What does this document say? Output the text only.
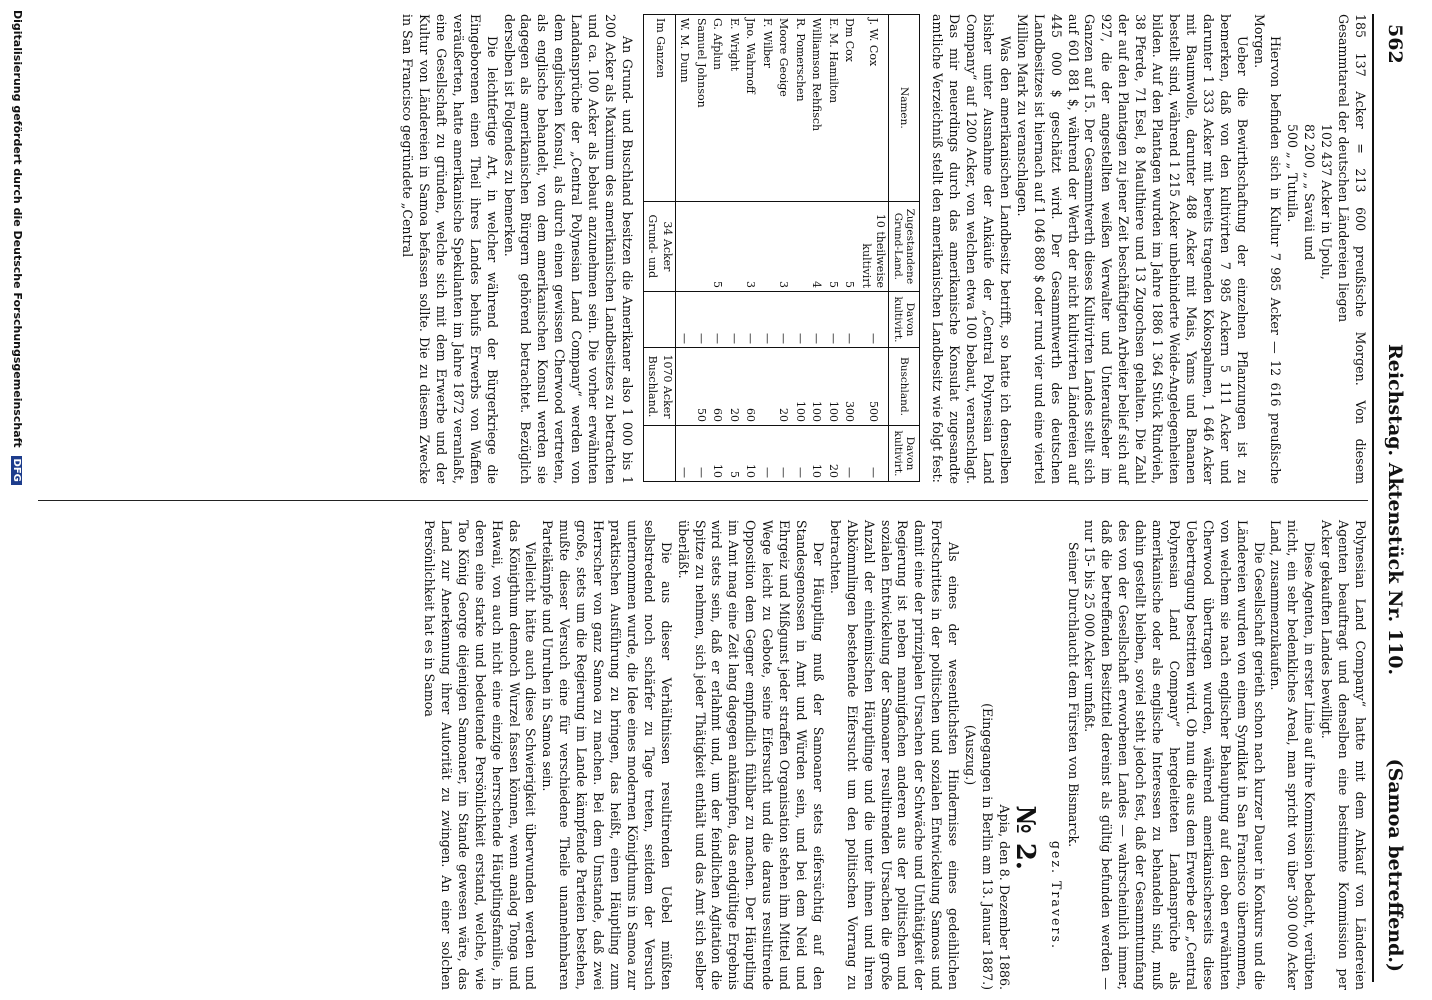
562
Reichstag. Aktenstück Nr. 110.
(Samoa betreffend.)

185 137 Acker = 213 600 preußische Morgen. Von diesem Gesammtareal der deutschen Ländereien liegen

102 437 Acker in Upolu,
82 200 „ „ Savaii und
500 „ „ Tutuila.

Hiervon befinden sich in Kultur 7 985 Acker — 12 616 preußische Morgen.

Ueber die Bewirthschaftung der einzelnen Pflanzungen ist zu bemerken, daß von den kultivirten 7 985 Ackern 5 111 Acker und darunter 1 333 Acker mit bereits tragenden Kokospalmen, 1 646 Acker mit Baumwolle, darunter 488 Acker mit Mais, Yams und Bananen bestellt sind, während 1 215 Acker unbehinderte Weide-Angelegenheiten bilden. Auf den Plantagen wurden im Jahre 1886 1 364 Stück Rindvieh, 38 Pferde, 71 Esel, 8 Maulthiere und 13 Zugochsen gehalten. Die Zahl der auf den Plantagen zu jener Zeit beschäftigten Arbeiter belief sich auf 927, die der angestellten weißen Verwalter und Unteraufseher im Ganzen auf 15. Der Gesammtwerth dieses Kultivirten Landes stellt sich auf 601 881 $, während der Werth der nicht kultivirten Ländereien auf 445 000 $ geschätzt wird. Der Gesammtwerth des deutschen Landbesitzes ist hiernach auf 1 046 880 $ oder rund vier und eine viertel Million Mark zu veranschlagen.

Was den amerikanischen Landbesitz betrifft, so hatte ich denselben bisher unter Ausnahme der Ankäufe der „Central Polynesian Land Company“ auf 1200 Acker, von welchen etwa 100 bebaut, veranschlagt. Das mir neuerdings durch das amerikanische Konsulat zugesandte amtliche Verzeichniß stellt den amerikanischen Landbesitz wie folgt fest:

Namen.	Zugestandene Grund-Land.	Davon kultivirt.	Buschland.	Davon kultivirt.
J. W. Cox	10 theilweise kultivirt	—	500	—
Dm Cox	5	—	300	—
E. M. Hamilton	5	—	100	20
Williamson Rehfisch	4	—	100	10
R. Pomerschen		—	100	—
Moore Geoige	3	—	20	—
F. Wilber		—		—
Jno. Wahrnoff	3	—	60	10
E. Wright		—	20	5
G. Afplun	5	—	60	10
Samuel Johnson		—	50	—
W. M. Dunn		—		—
Im Ganzen	34 Acker Grund- und		1070 Acker Buschland.	

An Grund- und Buschland besitzen die Amerikaner also 1 000 bis 1 200 Acker als Maximum des amerikanischen Landbesitzes zu betrachten und ca. 100 Acker als bebaut anzunehmen sein. Die vorher erwähnten Landansprüche der „Central Polynesian Land Company“ werden von dem englischen Konsul, als durch einen gewissen Cherwood vertreten, als englische behandelt, von dem amerikanischen Konsul werden sie dagegen als amerikanischen Bürgern gehörend betrachtet. Bezüglich derselben ist Folgendes zu bemerken.

Die leichtfertige Art, in welcher während der Bürgerkriege die Eingeborenen einen Theil ihres Landes behufs Erwerbs von Waffen veräußerten, hatte amerikanische Spekulanten im Jahre 1872 veranlaßt, eine Gesellschaft zu gründen, welche sich mit dem Erwerbe und der Kultur von Ländereien in Samoa befassen sollte. Die zu diesem Zwecke in San Francisco gegründete „Central

Polynesian Land Company“ hatte mit dem Ankauf von Ländereien Agenten beauftragt und denselben eine bestimmte Kommission per Acker gekauften Landes bewilligt.

Diese Agenten, in erster Linie auf ihre Kommission bedacht, verübten nicht, ein sehr bedenkliches Areal, man spricht von über 300 000 Acker Land, zusammenzukaufen.

Die Gesellschaft gerieth schon nach kurzer Dauer in Konkurs und die Ländereien wurden von einem Syndikat in San Francisco übernommen, von welchem sie nach englischer Behauptung auf den oben erwähnten Cherwood übertragen wurden, während amerikanischerseits diese Uebertragung bestritten wird. Ob nun die aus dem Erwerbe der „Central Polynesian Land Company“ hergeleiteten Landansprüche als amerikanische oder als englische Interessen zu behandeln sind, muß dahin gestellt bleiben, soviel steht jedoch fest, daß der Gesammtumfang des von der Gesellschaft erworbenen Landes — wahrscheinlich immer, daß die betreffenden Besitztitel dereinst als gültig befunden werden — nur 15- bis 25 000 Acker umfaßt.

Seiner Durchlaucht dem Fürsten von Bismarck.

gez. Travers.
№ 2.
Apia, den 8. Dezember 1886.
(Eingegangen in Berlin am 13. Januar 1887.)
(Auszug.)

Als eines der wesentlichsten Hindernisse eines gedeihlichen Fortschrittes in der politischen und sozialen Entwickelung Samoas und damit eine der prinzipalen Ursachen der Schwäche und Unthätigkeit der Regierung ist neben mannigfachen anderen aus der politischen und sozialen Entwickelung der Samoaner resultirenden Ursachen die große Anzahl der einheimischen Häuptlinge und die unter ihnen und ihren Abkömmlingen bestehende Eifersucht um den politischen Vorrang zu betrachten.

Der Häuptling muß der Samoaner stets eifersüchtig auf den Standesgenossen in Amt und Würden sein, und bei dem Neid und Ehrgeiz und Mißgunst jeder straffen Organisation stehen ihm Mittel und Wege leicht zu Gebote, seine Eifersucht und die daraus resultirende Opposition dem Gegner empfindlich fühlbar zu machen. Der Häuptling im Amt mag eine Zeit lang dagegen ankämpfen, das endgültige Ergebnis wird stets sein, daß er erlahmt und, um der feindlichen Agitation die Spitze zu nehmen, sich jeder Thätigkeit enthält und das Amt sich selber überläßt.

Die aus dieser Verhältnissen resultirenden Uebel müßten selbstredend noch schärfer zu Tage treten, seitdem der Versuch unternommen wurde, die Idee eines modernen Königthums in Samoa zur praktischen Ausführung zu bringen, das heißt, einen Häuptling zum Herrscher von ganz Samoa zu machen. Bei dem Umstande, daß zwei große, stets um die Regierung im Lande kämpfende Parteien bestehen, mußte dieser Versuch eine für verschiedene Theile unannehmbaren Parteikämpfe und Unruhen in Samoa sein.

Vielleicht hätte auch diese Schwierigkeit überwunden werden und das Königthum dennoch Wurzel fassen können, wenn analog Tonga und Hawaii, von auch nicht eine einzige herrschende Häuptlingsfamilie, in deren eine starke und bedeutende Persönlichkeit erstand, welche, wie Tao König George diejenigen Samoaner, im Stande gewesen wäre, das Land zur Anerkennung ihrer Autorität zu zwingen. An einer solchen Persönlichkeit hat es in Samoa

Digitalisierung gefördert durch die Deutsche Forschungsgemeinschaft DFG
